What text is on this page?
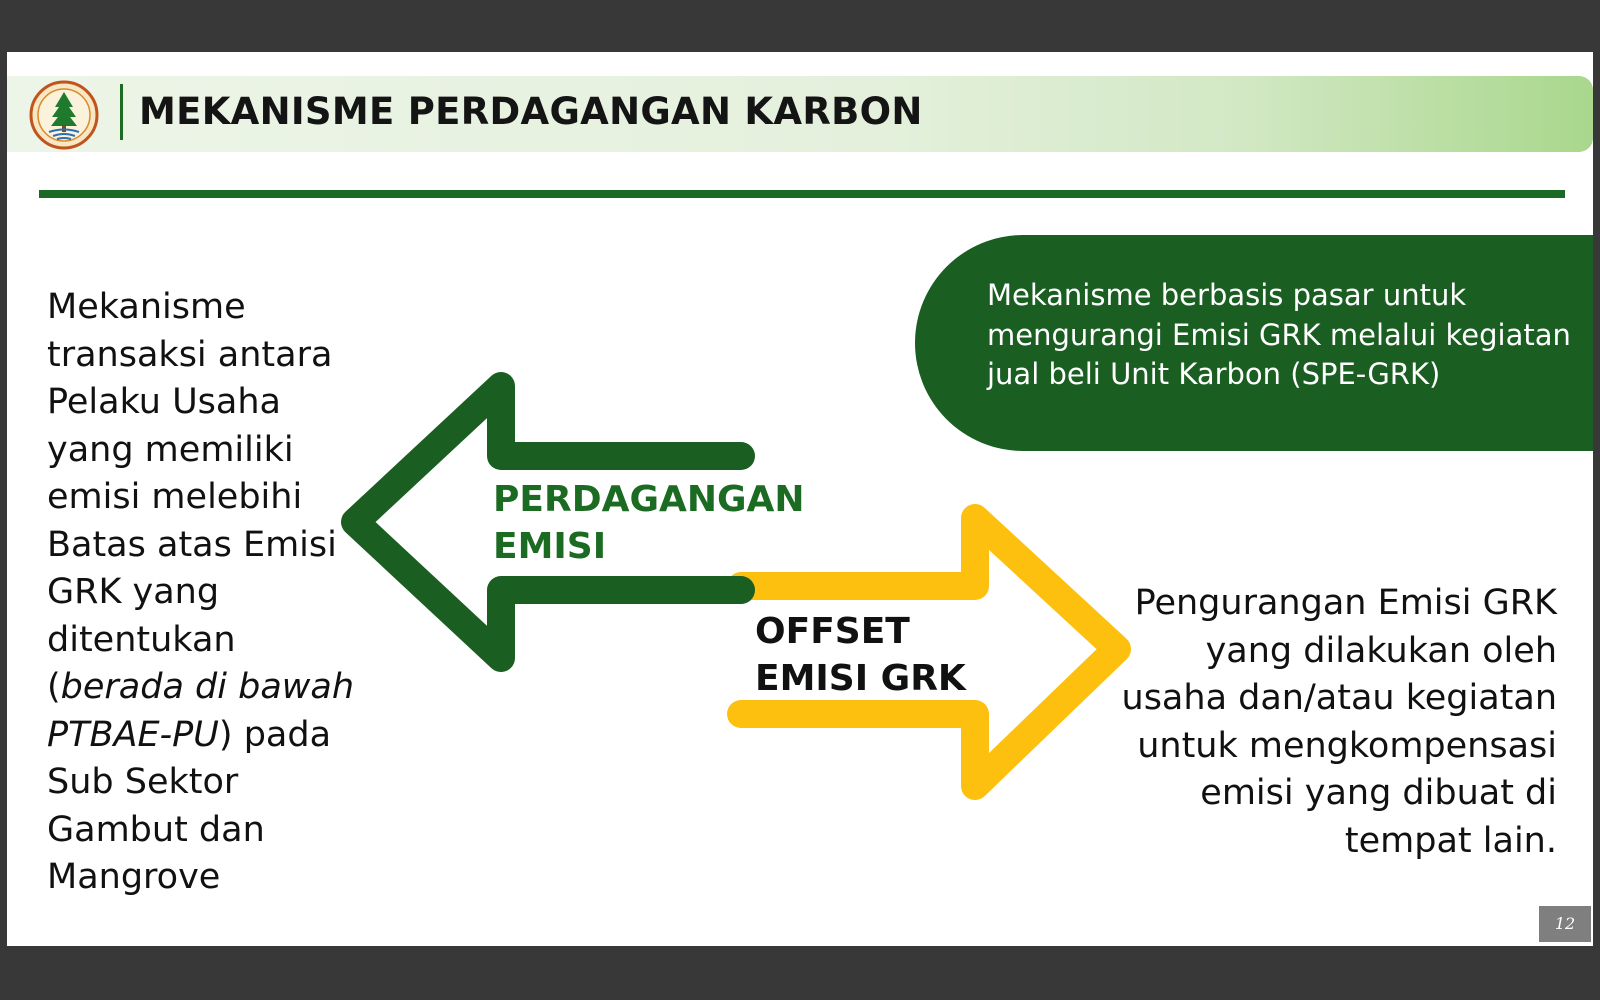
MEKANISME PERDAGANGAN KARBON
Mekanisme
transaksi antara
Pelaku Usaha
yang memiliki
emisi melebihi
Batas atas Emisi
GRK yang
ditentukan
(berada di bawah
PTBAE-PU) pada
Sub Sektor
Gambut dan
Mangrove
Mekanisme berbasis pasar untuk
mengurangi Emisi GRK melalui kegiatan
jual beli Unit Karbon (SPE-GRK)
PERDAGANGAN
EMISI
OFFSET
EMISI GRK
Pengurangan Emisi GRK
yang dilakukan oleh
usaha dan/atau kegiatan
untuk mengkompensasi
emisi yang dibuat di
tempat lain.
12
